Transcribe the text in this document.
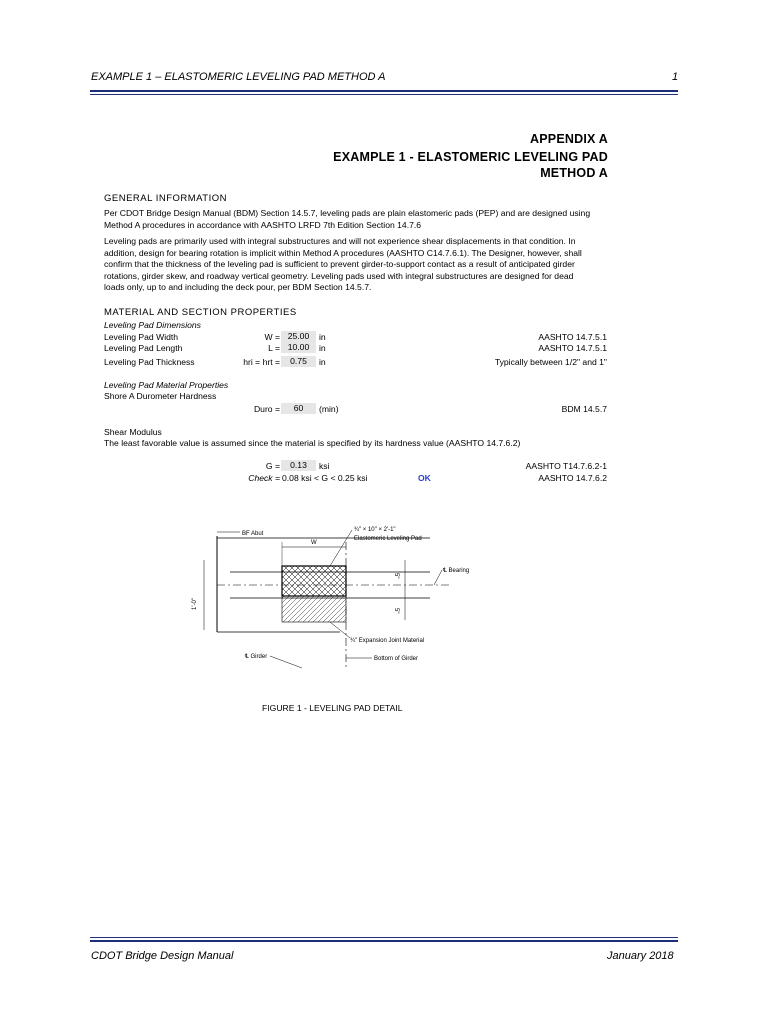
EXAMPLE 1 – ELASTOMERIC LEVELING PAD METHOD A	1
APPENDIX A
EXAMPLE 1 - ELASTOMERIC LEVELING PAD
METHOD A
GENERAL INFORMATION
Per CDOT Bridge Design Manual (BDM) Section 14.5.7, leveling pads are plain elastomeric pads (PEP) and are designed using
Method A procedures in accordance with AASHTO LRFD 7th Edition Section 14.7.6
Leveling pads are primarily used with integral substructures and will not experience shear displacements in that condition. In
addition, design for bearing rotation is implicit within Method A procedures (AASHTO C14.7.6.1). The Designer, however, shall
confirm that the thickness of the leveling pad is sufficient to prevent girder-to-support contact as a result of anticipated girder
rotations, girder skew, and roadway vertical geometry. Leveling pads used with integral substructures are designed for dead
loads only, up to and including the deck pour, per BDM Section 14.5.7.
MATERIAL AND SECTION PROPERTIES
Leveling Pad Dimensions
Leveling Pad Width	W = 25.00	in	AASHTO 14.7.5.1
Leveling Pad Length	L = 10.00	in	AASHTO 14.7.5.1
Leveling Pad Thickness	hri = hrt =	0.75	in	Typically between 1/2" and 1"
Leveling Pad Material Properties
Shore A Durometer Hardness
Duro =	60	(min)	BDM 14.5.7
Shear Modulus
The least favorable value is assumed since the material is specified by its hardness value (AASHTO 14.7.6.2)
G =	0.13	ksi	AASHTO T14.7.6.2-1
Check = 0.08 ksi < G < 0.25 ksi	OK	AASHTO 14.7.6.2
W
1'-0"
5"
5"
BF Abut
¾" × 10" × 2'-1"
Elastomeric Leveling Pad
℄ Bearing
¾" Expansion Joint Material
℄ Girder	Bottom of Girder
FIGURE 1 - LEVELING PAD DETAIL
CDOT Bridge Design Manual	January 2018
